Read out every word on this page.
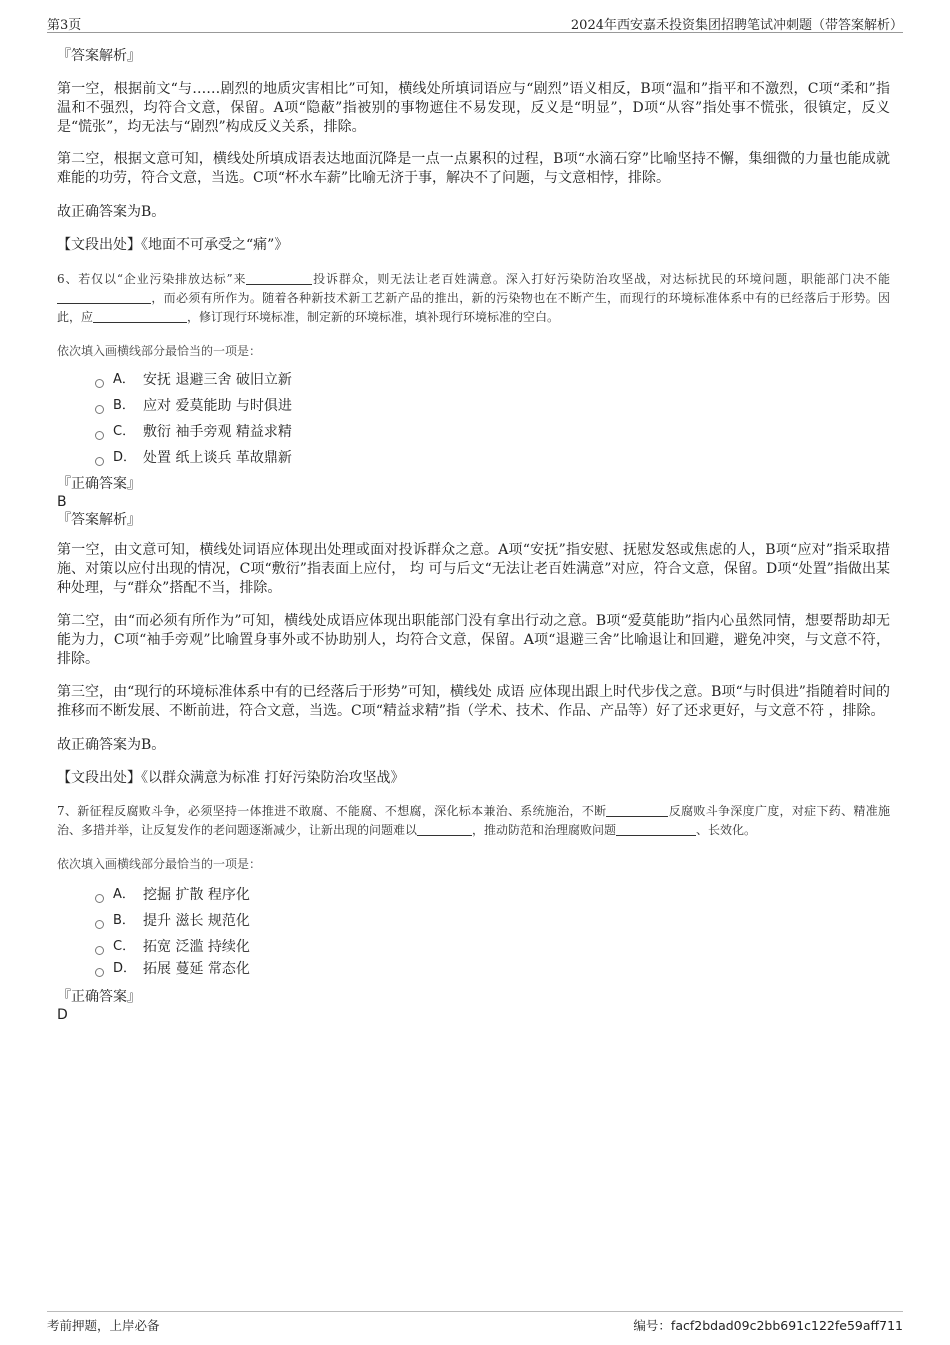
第3页	2024年西安嘉禾投资集团招聘笔试冲刺题（带答案解析）

『答案解析』

第一空，根据前文“与……剧烈的地质灾害相比”可知，横线处所填词语应与“剧烈”语义相反，B项“温和”指平和不激烈，C项“柔和”指温和不强烈，均符合文意，保留。A项“隐蔽”指被别的事物遮住不易发现，反义是“明显”，D项“从容”指处事不慌张，很镇定，反义是“慌张”，均无法与“剧烈”构成反义关系，排除。

第二空，根据文意可知，横线处所填成语表达地面沉降是一点一点累积的过程，B项“水滴石穿”比喻坚持不懈，集细微的力量也能成就难能的功劳，符合文意，当选。C项“杯水车薪”比喻无济于事，解决不了问题，与文意相悖，排除。

故正确答案为B。

【文段出处】《地面不可承受之“痛”》

6、若仅以“企业污染排放达标”来	投诉群众，则无法让老百姓满意。深入打好污染防治攻坚战，对达标扰民的环境问题，职能部门决不能，而必须有所作为。随着各种新技术新工艺新产品的推出，新的污染物也在不断产生，而现行的环境标准体系中有的已经落后于形势。因此，应	，修订现行环境标准，制定新的环境标准，填补现行环境标准的空白。

依次填入画横线部分最恰当的一项是：

A． 安抚 退避三舍 破旧立新
B． 应对 爱莫能助 与时俱进
C． 敷衍 袖手旁观 精益求精
D． 处置 纸上谈兵 革故鼎新

『正确答案』

B

『答案解析』

第一空，由文意可知，横线处词语应体现出处理或面对投诉群众之意。A项“安抚”指安慰、抚慰发怒或焦虑的人，B项“应对”指采取措施、对策以应付出现的情况，C项“敷衍”指表面上应付， 均 可与后文“无法让老百姓满意”对应，符合文意，保留。D项“处置”指做出某种处理，与“群众”搭配不当，排除。

第二空，由“而必须有所作为”可知，横线处成语应体现出职能部门没有拿出行动之意。B项“爱莫能助”指内心虽然同情，想要帮助却无能为力，C项“袖手旁观”比喻置身事外或不协助别人，均符合文意，保留。A项“退避三舍”比喻退让和回避，避免冲突，与文意不符，排除。

第三空，由“现行的环境标准体系中有的已经落后于形势”可知，横线处 成语 应体现出跟上时代步伐之意。B项“与时俱进”指随着时间的推移而不断发展、不断前进，符合文意，当选。C项“精益求精”指（学术、技术、作品、产品等）好了还求更好，与文意不符 ，排除。

故正确答案为B。

【文段出处】《以群众满意为标准 打好污染防治攻坚战》

7、新征程反腐败斗争，必须坚持一体推进不敢腐、不能腐、不想腐，深化标本兼治、系统施治，不断	反腐败斗争深度广度，对症下药、精准施治、多措并举，让反复发作的老问题逐渐减少，让新出现的问题难以	，推动防范和治理腐败问题	、长效化。

依次填入画横线部分最恰当的一项是：

A． 挖掘 扩散 程序化
B． 提升 滋长 规范化
C． 拓宽 泛滥 持续化
D． 拓展 蔓延 常态化

『正确答案』

D

考前押题，上岸必备	编号：facf2bdad09c2bb691c122fe59aff711
